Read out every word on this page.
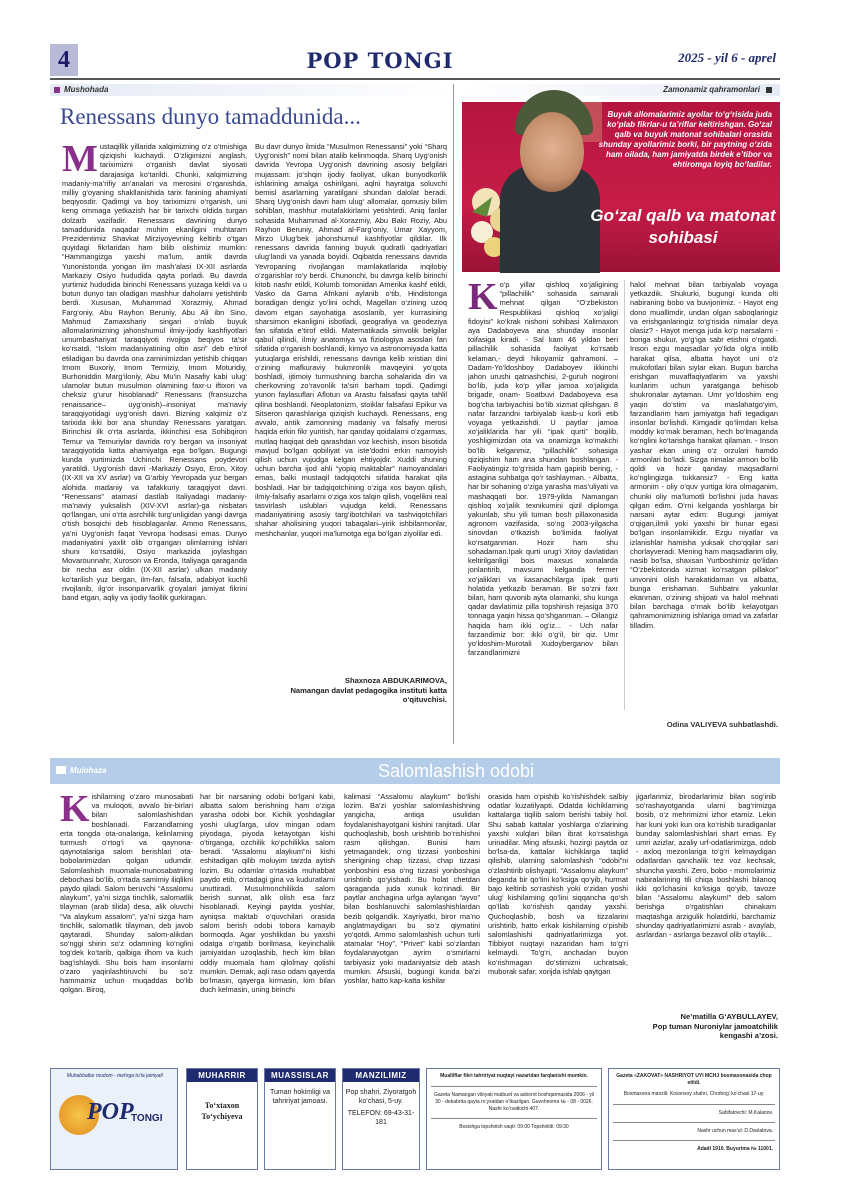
4	POP TONGI	2025 - yil 6 - aprel
Mushohada
Renessans dunyo tamaddunida...
Mustaqillik yillarida xalqimizning o‘z o‘tmishiga qiziqishi kuchaydi. O‘zligimizni anglash, tariximizni o‘rganish davlat siyosati darajasiga ko‘tarildi. Chunki, xalqimizning madaniy-ma’rifiy an’analari va merosini o‘rganishda, milliy g‘oyaning shakllanishida tarix fanining ahamiyati beqiyosdir. Qadimgi va boy tariximizni o‘rganish, uni keng ommaga yetkazish har bir tarixchi oldida turgan dolzarb vazifadir. Renessans davrining dunyo tamaddunida naqadar muhim ekanligini muhtaram Prezidentimiz Shavkat Mirziyoyevning keltirib o‘tgan quyidagi fikrlaridan ham bilib olishimiz mumkin: “Hammangizga yaxshi ma’lum, antik davrda Yunonistonda yongan ilm mash’alasi IX-XII asrlarda Markaziy Osiyo hududida qayta porladi. Bu davrda yurtimiz hududida birinchi Renessans yuzaga keldi va u butun dunyo tan oladigan mashhur daholarni yetishtirib berdi. Xususan, Muhammad Xorazmiy, Ahmad Farg‘oniy, Abu Rayhon Beruniy, Abu Ali ibn Sino, Mahmud Zamaxshariy singari o‘nlab buyuk allomalarimizning jahonshumul ilmiy-ijodiy kashfiyotlari umumbashariyat taraqqiyoti rivojiga beqiyos ta’sir ko‘rsatdi. “Islom madaniyatining oltin asri” deb e’tirof etiladigan bu davrda ona zaminimizdan yetishib chiqqan Imom Buxoriy, Imom Termiziy, Imom Moturidiy, Burhoniddin Marg‘iloniy, Abu Mu’in Nasafiy kabi ulug‘ ulamolar butun musulmon olamining faxr-u iftixori va cheksiz g‘urur hisoblanadi” Renessans (fransuzcha renaissance– uyg‘onish)–insoniyat ma’naviy taraqqiyotidagi uyg‘onish davri. Bizning xalqimiz o‘z tarixida ikki bor ana shunday Renessans yaratgan. Birinchisi ilk o‘rta asrlarda, ikkinchisi esa Sohibqiron Temur va Temuriylar davrida ro‘y bergan va insoniyat taraqqiyotida katta ahamiyatga ega bo‘lgan. Bugungi kunda yurtimizda Uchinchi Renessans poydevori yaratildi. Uyg‘onish davri -Markaziy Osiyo, Eron, Xitoy (IX-XII va XV asrlar) va G‘arbiy Yevropada yuz bergan alohida madaniy va tafakkuriy taraqqiyot davri. “Renessans” atamasi dastlab Italiyadagi madaniy-ma’naviy yuksalish (XIV-XVI asrlar)-ga nisbatan qo‘llangan, uni o‘rta asrchilik turg‘unligidan yangi davrga o‘tish bosqichi deb hisoblaganlar. Ammo Renessans, ya’ni Uyg‘onish faqat Yevropa hodisasi emas. Dunyo madaniyatini yaxlit olib o‘rgangan olimlarning ishlari shuni ko‘rsatdiki, Osiyo markazida joylashgan Movarounnahr, Xuroson va Eronda, Italiyaga qaraganda bir necha asr oldin (IX-XII asrlar) ulkan madaniy ko‘tarilish yuz bergan, ilm-fan, falsafa, adabiyot kuchli rivojlanib, ilg‘or insonparvarlik g‘oyalari jamiyat fikrini band etgan, aqliy va ijodiy faollik gurkiragan.
Bu davr dunyo ilmida “Musulmon Renessansi” yoki “Sharq Uyg‘onish” nomi bilan atalib kelinmoqda. Sharq Uyg‘onish davrida Yevropa Uyg‘onish davrining asosiy belgilari mujassam: jo‘shqin ijodiy faoliyat, ulkan bunyodkorlik ishlarining amalga oshirilgani, aqlni hayratga soluvchi bemisl asarlarning yaratilgani shundan dalolat beradi. Sharq Uyg‘onish davri ham ulug‘ allomalar, qomusiy bilim sohiblari, mashhur mutafakkirlarni yetishtirdi. Aniq fanlar sohasida Muhammad al-Xorazmiy, Abu Bakr Roziy, Abu Rayhon Beruniy, Ahmad al-Farg‘oniy, Umar Xayyom, Mirzo Ulug‘bek jahonshumul kashfiyotlar qildilar. Ilk renessans davrida fanning buyuk qudratli qadriyatlari ulug‘landi va yanada boyidi. Oqibatda renessans davrida Yevropaning rivojlangan mamlakatlarida inqilobiy o‘zgarishlar ro‘y berdi. Chunonchi, bu davrga kelib birinchi kitob nashr etildi, Kolumb tomonidan Amerika kashf etildi, Vasko da Gama Afrikani aylanib o‘tib, Hindistonga boradigan dengiz yo‘lini ochdi, Magellan o‘zining uzoq davom etgan sayohatiga asoslanib, yer kurrasining sharsimon ekanligini isbotladi, geografiya va geodeziya fan sifatida e’tirof etildi. Matematikada simvolik belgilar qabul qilindi, ilmiy anatomiya va fiziologiya asoslari fan sifatida o‘rganish boshlandi, kimyo va astronomiyada katta yutuqlarga erishildi, renessans davriga kelib xristian dini o‘zining mafkuraviy hukmronlik mavqeyini yo‘qota boshladi, ijtimoiy turmushning barcha sohalarida din va cherkovning zo‘ravonlik ta’siri barham topdi. Qadimgi yunon faylasuflari Aflotun va Arastu falsafasi qayta tahlil qilina boshlandi. Neoplatonizm, stoiklar falsafasi Epikur va Sitseron qarashlariga qiziqish kuchaydi. Renessans, eng avvalo, antik zamonning madaniy va falsafiy merosi haqida erkin fikr yuritish, har qanday qoidalarni o‘zgarmas, mutlaq haqiqat deb qarashdan voz kechish, inson bisotida mavjud bo‘lgan qobiliyat va iste’dodni erkin namoyish qilish uchun vujudga kelgan ehtiyojdir. Xuddi shuning uchun barcha ijod ahli “yopiq maktablar” namoyandalari emas, balki mustaqil tadqiqotchi sifatida harakat qila boshladi. Har bir tadqiqotchining o‘ziga xos bayon qilish, ilmiy-falsafiy asarlarni o‘ziga xos talqin qilish, voqelikni real tasvirlash uslublari vujudga keldi. Renessans madaniyatining asosiy targ‘ibotchilari va tashviqotchilari shahar aholisining yuqori tabaqalari–yirik ishbilarmonlar, meshchanlar, yuqori ma’lumotga ega bo‘lgan ziyolilar edi.
Shaxnoza ABDUKARIMOVA,
Namangan davlat pedagogika instituti katta o‘qituvchisi.
Zamonamiz qahramonlari
Buyuk allomalarimiz ayollar to‘g‘risida juda ko‘plab fikrlar-u ta’riflar keltirishgan. Go‘zal qalb va buyuk matonat sohibalari orasida shunday ayollarimiz borki, bir paytning o‘zida ham oilada, ham jamiyatda birdek e’tibor va ehtiromga loyiq bo‘ladilar.
Go‘zal qalb va matonat sohibasi
Ko‘p yillar qishloq xo‘jaligining “pillachilik” sohasida samarali mehnat qilgan “O‘zbekiston Respublikasi qishloq xo‘jaligi fidoyisi” ko‘krak nishoni sohibasi Xalimaxon aya Dadaboyeva ana shunday insonlar toifasiga kiradi. - Sal kam 46 yildan beri pillachilik sohasida faoliyat ko‘rsatib kelaman,- deydi hikoyamiz qahramoni. – Dadam-Yo‘ldoshboy Dadaboyev ikkinchi jahon urushi qatnashchisi, 2-guruh nogironi bo‘lib, juda ko‘p yillar jamoa xo‘jaligida brigadir, onam- Soatbuvi Dadaboyeva esa bog‘cha tarbiyachisi bo‘lib xizmat qilishgan. 8 nafar farzandni tarbiyalab kasb-u korli etib voyaga yetkazishdi. U paytlar jamoa xo‘jaliklarida har yili “ipak qurti” boqilib, yoshligimizdan ota va onamizga ko‘makchi bo‘lib kelganmiz, “pillachilik” sohasiga qiziqishim ham ana shundan boshlangan. - Faoliyatingiz to‘g‘risida ham gapirib bering, - astagina suhbatga qo‘r tashlayman. - Albatta, har bir sohaning o‘ziga yarasha mas’uliyati va mashaqqati bor. 1979-yilda Namangan qishloq xo‘jalik texnikumini qizil diplomga yakunlab, shu yili tuman bosh pillaxonasida agronom vazifasida, so‘ng 2003-yilgacha sinovdan o‘tkazish bo‘limida faoliyat ko‘rsatganman. Hozir ham shu sohadaman.Ipak qurti urug‘i Xitoy davlatidan keltirilganligi bois maxsus xonalarda jonlantirib, mavsumi kelganda fermer xo‘jaliklari va kasanachilarga ipak qurti holatida yetkazib beraman. Bir so‘zni faxr bilan, ham quvonib ayta olamanki, shu kunga qadar davlatimiz pilla topshirish rejasiga 370 tonnaga yaqin hissa qo‘shganman. – Oilangiz haqida ham ikki og‘iz... - Uch nafar farzandimiz bor: ikki o‘g‘il, bir qiz. Umr yo‘ldoshim-Murotali Xudoyberganov bilan farzandlarimizni
halol mehnat bilan tarbiyalab voyaga yetkazdik. Shukurki, bugungi kunda olti nabiraning bobo va buvijonimiz. - Hayot eng dono muallimdir, undan olgan saboqlaringiz va erishganlaringiz to‘g‘risida nimalar deya olasiz? - Hayot menga juda ko‘p narsalarni - boriga shukur, yo‘g‘iga sabr etishni o‘rgatdi. Inson ezgu maqsadlar yo‘lida olg‘a intilib harakat qilsa, albatta hayot uni o‘z mukofotlari bilan siylar ekan. Bugun barcha erishgan muvaffaqiyatlarim va yaxshi kunlarim uchun yaratganga behisob shukronalar aytaman. Umr yo‘ldoshim eng yaqin do‘stim va maslahatgo‘yim, farzandlarim ham jamiyatga hafi tegadigan insonlar bo‘lishdi. Kimgadir qo‘limdan kelsa moddiy ko‘mak beraman, hech bo‘lmaganda ko‘nglini ko‘tarishga harakat qilaman. - Inson yashar ekan uning o‘z orzulari hamdo armonlari bo‘ladi. Sizga nimalar armon bo‘lib qoldi va hozir qanday maqsadlarni ko‘nglingizga tukkansiz? - Eng katta armonim - oliy o‘quv yurtiga kira olmaganim, chunki oliy ma’lumotli bo‘lishni juda havas qilgan edim. O‘rni kelganda yoshlarga bir narsani aytar edim: Bugungi jamiyat o‘qigan,ilmli yoki yaxshi bir hunar egasi bo‘lgan insonlarnikidir. Ezgu niyatlar va izlanishlar hamisha yuksak cho‘qqilar sari chorlayveradi. Mening ham maqsadlarim oliy, nasib bo‘lsa, shaxsan Yurtboshimiz qo‘lidan “O‘zbekistonda xizmat ko‘rsatgan pillakor” unvonini olish harakatidaman va albatta, bunga erishaman. Suhbatni yakunlar ekanman, o‘zining shijoati va halol mehnati bilan barchaga o‘rnak bo‘lib kelayotgan qahramonimizning ishlariga omad va zafarlar tilladim.
Odina VALIYEVA suhbatlashdi.
Mulohaza	Salomlashish odobi
Kishilarning o‘zaro munosabati va muloqoti, avvalo bir-birlari bilan salomlashishdan boshlanadi. Farzandlarning erta tongda ota-onalariga, kelinlarning turmush o‘rtog‘i va qaynona-qaynotalariga salom berishlari ota-bobolarimizdan qolgan udumdir. Salomlashish muomala-munosabatning debochasi bo‘lib, o‘rtada samimiy iliqlikni paydo qiladi. Salom beruvchi “Assalomu alaykum”, ya’ni sizga tinchlik, salomatlik tilayman (arab tilida) desa, alik oluvchi “Va alaykum assalom”, ya’ni sizga ham tinchlik, salomatlik tilayman, deb javob qaytaradi. Shunday salom-alikdan so‘nggi shirin so‘z odamning ko‘nglini tog‘dek ko‘tarib, qalbiga ilhom va kuch bag‘ishlaydi. Shu bois ham insonlarni o‘zaro yaqinlashtiruvchi bu so‘z hammamiz uchun muqaddas bo‘lib qolgan. Biroq,
har bir narsaning odobi bo‘lgani kabi, albatta salom berishning ham o‘ziga yarasha odobi bor. Kichik yoshdagilar yoshi ulug‘larga, ulov mingan odam piyodaga, piyoda ketayotgan kishi o‘tirganga, ozchilik ko‘pchilikka salom beradi. “Assalomu alaykum”ni kishi eshitadigan qilib moluyim tarzda aytish lozim. Bu odamlar o‘rtasida muhabbat paydo etib, o‘rtadagi gina va kuduratlarni unuttiradi. Musulmonchilikda salom berish sunnat, alik olish esa farz hisoblanadi. Keyingi paytda yoshlar, ayniqsa maktab o‘quvchilari orasida salom berish odobi tobora kamayib bormoqda. Agar yoshlikdan bu yaxshi odatga o‘rgatib borilmasa, keyinchalik jamiyatdan uzoqlashib, hech kim bilan oddiy muomala ham qilolmay qolishi mumkin. Demak, aqli raso odam qayerda bo‘lmasin, qayerga kirmasin, kim bilan duch kelmasin, uning birinchi
kalimasi “Assalomu alaykum” bo‘lishi lozim. Ba’zi yoshlar salomlashishning yangicha, antiqa usulidan foydalanishayotgani kishini ranjitadi. Ular quchoqlashib, bosh urishtirib bo‘rishishni rasm qilishgan. Bunisi ham yetmagandek, o‘ng tizzasi yonboshini sherigining chap tizzasi, chap tizzasi yonboshini esa o‘ng tizzasi yonboshiga urishtirib qo‘yishadi. Bu holat chetdan qaraganda juda xunuk ko‘rinadi. Bir paytlar anchagina urfga aylangan “ayvo” bilan boshlanuvchi salomlashishlardan bezib qolgandik. Xayriyatki, biror ma’no anglatmaydigan bu so‘z qiymatini yo‘qotdi. Ammo salomlashish uchun turli atamalar “Hoy”, “Privet” kabi so‘zlardan foydalanayotgan ayrim o‘smirlarni tarbiyasiz yoki madaniyatsiz deb atash mumkin. Afsuski, bugungi kunda ba’zi yoshlar, hatto kap-katta kishilar
orasida ham o‘pishib ko‘rishishdek salbiy odatlar kuzatilyapti. Odatda kichiklarning kattalarga tiqilib salom berishi tabiiy hol. Shu sabab kattalar yoshlarga o‘zlarining yaxshi xulqlari bilan ibrat ko‘rsatishga urinadilar. Ming afsuski, hozirgi paytda oz bo‘lsa-da, kattalar kichiklarga taqlid qilishib, ularning salomlashish “odobi”ni o‘zlashtirib olishyapti. “Assalomu alaykum” deganda bir qo‘lini ko‘ksiga qo‘yib, hurmat bajo keltirib so‘rashish yoki o‘zidan yoshi ulug‘ kishilarning qo‘lini siqqancha qo‘sh qo‘llab ko‘rishish qanday yaxshi. Quchoqlashib, bosh va tizzalarini urishtirib, hatto erkak kishilarning o‘pishib salomlashishi qadriyatlarimizga yot. Tibbiyot nuqtayi nazaridan ham to‘g‘ri kelmaydi. To‘g‘ri, anchadan buyon ko‘rishmagan do‘stimizni uchratsak, muborak safar, xorijda ishlab qaytgan
jigarlarimiz, birodarlarimiz bilan sog‘inib so‘rashayotganda ularni bag‘rimizga bosib, o‘z mehrimizni izhor etamiz. Lekin har kuni yoki kun ora ko‘rishib turadiganlar bunday salomlashishlari shart emas. Ey umri azizlar, azaliy urf-odatlarimizga, odob - axloq mezonlariga to‘g‘ri kelmaydigan odatlardan qanchalik tez voz kechsak, shuncha yaxshi. Zero, bobo - momolarimiz nabiralarining tili chiqa boshlashi bilanoq ikki qo‘lchasini ko‘ksiga qo‘yib, tavoze bilan “Assalomu alaykum!” deb salom berishga o‘rgatishlari chinakam maqtashga arzigulik holatdirki, barchamiz shunday qadriyatlarimizni asrab - avaylab, asrlardan - asrlarga bezavol olib o‘taylik...
Ne’matilla G‘AYBULLAYEV,
Pop tuman Nuroniylar jamoatchilik kengashi a’zosi.
Muhabbatlar mudom - mehrga to‘la jamiyat!
POP
TONGI
MUHARRIR
To‘xtaxon To‘ychiyeva
MUASSISLAR
Tuman hokimligi va tahririyat jamoasi.
MANZILIMIZ
Pop shahri, Ziyoratgoh ko‘chasi, 5-uy.
TELEFON: 69-43-31-181
Mualliflar fikri tahririyat nuqtayi nazaridan farqlanishi mumkin.
Gazeta Namangan viloyati matbuot va axborot boshqarmasida 2006 - yil 30 - dekabrda qayta ro‘yxatdan o‘tkazilgan. Guvohnoma № - 08 - 0026. Nashr ko‘rsatkichi 407.
Bosishga topshirish vaqti: 09:00 Topshirildi: 09:30
Gazeta «ZAKOVAT» NASHRIYOT UYI MCHJ bosmaxonasida chop etildi.
Bosmaxona manzili: Kosonsoy shahri, Chorbog‘ ko‘chasi 17-uy.
Sahifalovchi: M.Kalanov.
Nashr uchun mas’ul: D.Davlatova.
Adadi 1910. Buyurtma № 11001.
